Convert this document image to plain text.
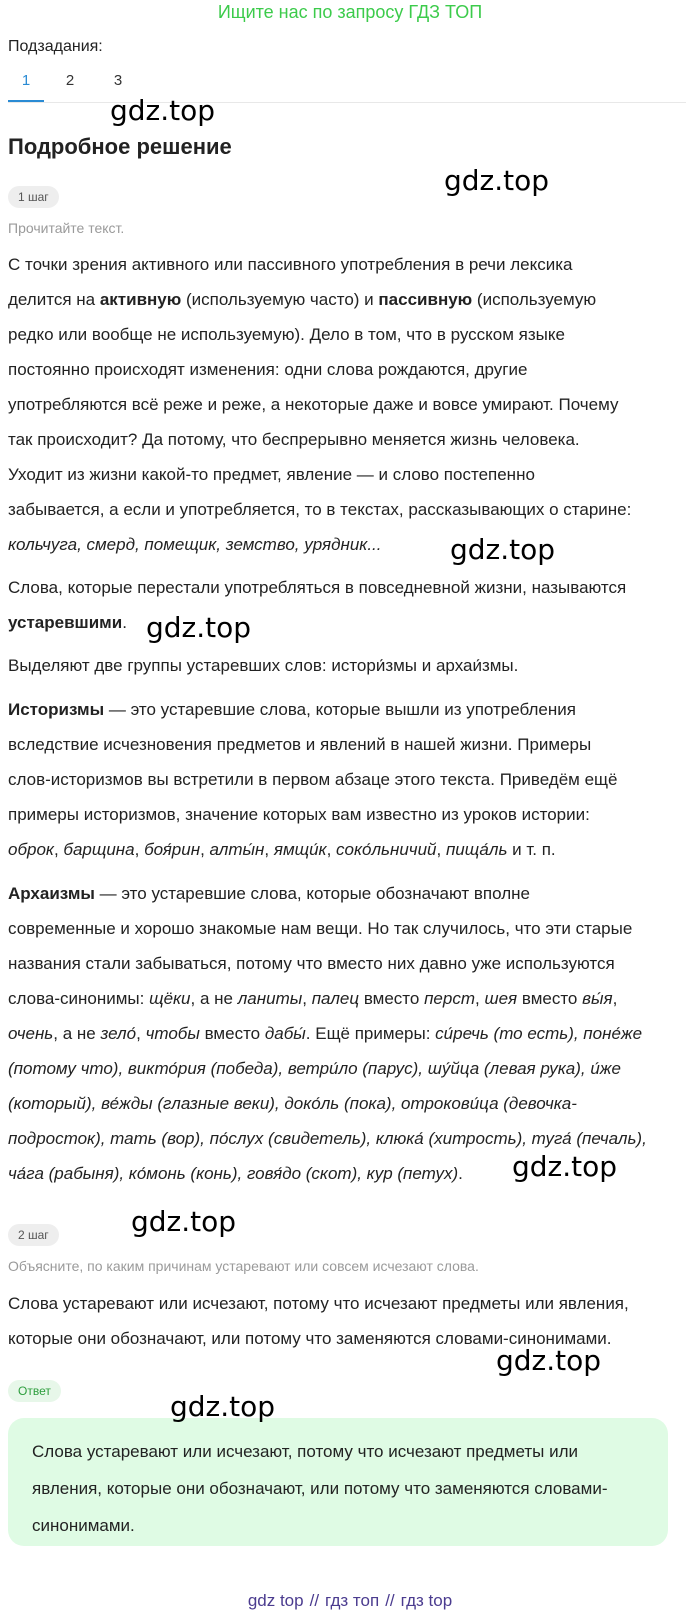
Ищите нас по запросу ГДЗ ТОП
Подзадания:
1	2	3
Подробное решение
1 шаг
Прочитайте текст.
С точки зрения активного или пассивного употребления в речи лексика
делится на активную (используемую часто) и пассивную (используемую
редко или вообще не используемую). Дело в том, что в русском языке
постоянно происходят изменения: одни слова рождаются, другие
употребляются всё реже и реже, а некоторые даже и вовсе умирают. Почему
так происходит? Да потому, что беспрерывно меняется жизнь человека.
Уходит из жизни какой-то предмет, явление — и слово постепенно
забывается, а если и употребляется, то в текстах, рассказывающих о старине:
кольчуга, смерд, помещик, земство, урядник...
Слова, которые перестали употребляться в повседневной жизни, называются
устаревшими.
Выделяют две группы устаревших слов: истори́змы и архаи́змы.
Историзмы — это устаревшие слова, которые вышли из употребления
вследствие исчезновения предметов и явлений в нашей жизни. Примеры
слов-историзмов вы встретили в первом абзаце этого текста. Приведём ещё
примеры историзмов, значение которых вам известно из уроков истории:
оброк, барщина, боя́рин, алты́н, ямщи́к, соко́льничий, пища́ль и т. п.
Архаизмы — это устаревшие слова, которые обозначают вполне
современные и хорошо знакомые нам вещи. Но так случилось, что эти старые
названия стали забываться, потому что вместо них давно уже используются
слова-синонимы: щёки, а не ланиты, палец вместо перст, шея вместо вы́я,
очень, а не зело́, чтобы вместо дабы́. Ещё примеры: си́речь (то есть), поне́же
(потому что), викто́рия (победа), ветри́ло (парус), шу́йца (левая рука), и́же
(который), ве́жды (глазные веки), доко́ль (пока), отрокови́ца (девочка-
подросток), тать (вор), по́слух (свидетель), клюка́ (хитрость), туга́ (печаль),
ча́га (рабыня), ко́монь (конь), говя́до (скот), кур (петух).
2 шаг
Объясните, по каким причинам устаревают или совсем исчезают слова.
Слова устаревают или исчезают, потому что исчезают предметы или явления,
которые они обозначают, или потому что заменяются словами-синонимами.
Ответ
Слова устаревают или исчезают, потому что исчезают предметы или
явления, которые они обозначают, или потому что заменяются словами-
синонимами.
gdz.top
gdz.top
gdz.top
gdz.top
gdz.top
gdz.top
gdz.top
gdz.top
gdz top // гдз топ // гдз top
